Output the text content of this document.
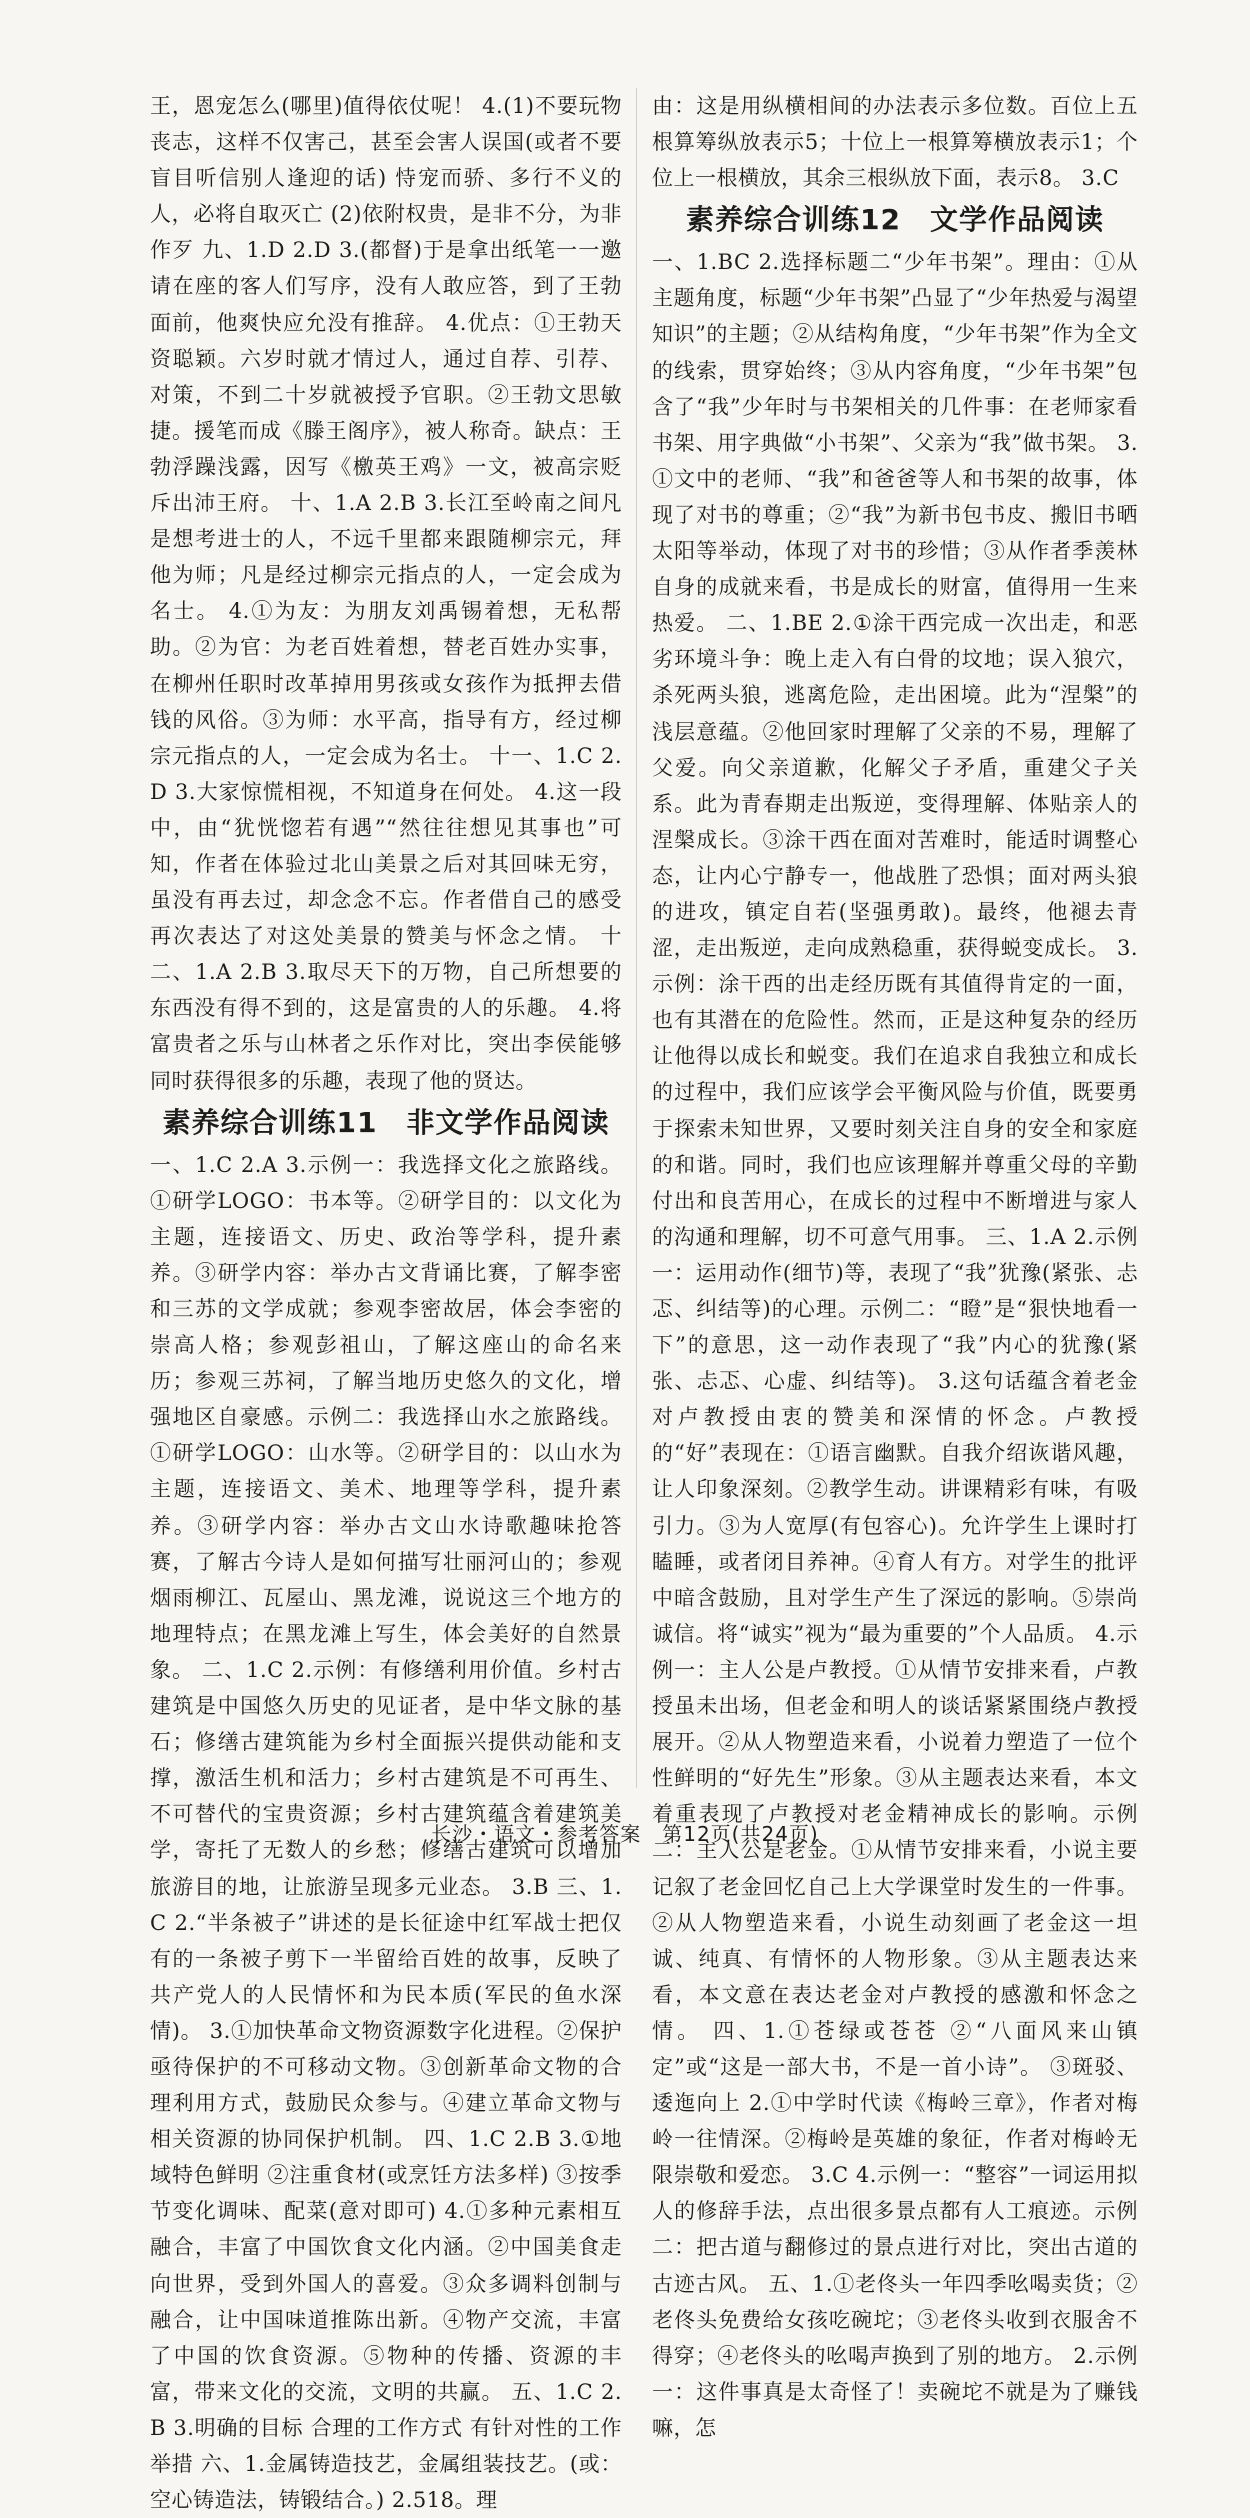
王，恩宠怎么(哪里)值得依仗呢！ 4.(1)不要玩物丧志，这样不仅害己，甚至会害人误国(或者不要盲目听信别人逢迎的话) 恃宠而骄、多行不义的人，必将自取灭亡 (2)依附权贵，是非不分，为非作歹 九、1.D 2.D 3.(都督)于是拿出纸笔一一邀请在座的客人们写序，没有人敢应答，到了王勃面前，他爽快应允没有推辞。 4.优点：①王勃天资聪颖。六岁时就才情过人，通过自荐、引荐、对策，不到二十岁就被授予官职。②王勃文思敏捷。援笔而成《滕王阁序》，被人称奇。缺点：王勃浮躁浅露，因写《檄英王鸡》一文，被高宗贬斥出沛王府。 十、1.A 2.B 3.长江至岭南之间凡是想考进士的人，不远千里都来跟随柳宗元，拜他为师；凡是经过柳宗元指点的人，一定会成为名士。 4.①为友：为朋友刘禹锡着想，无私帮助。②为官：为老百姓着想，替老百姓办实事，在柳州任职时改革掉用男孩或女孩作为抵押去借钱的风俗。③为师：水平高，指导有方，经过柳宗元指点的人，一定会成为名士。 十一、1.C 2.D 3.大家惊慌相视，不知道身在何处。 4.这一段中，由“犹恍惚若有遇”“然往往想见其事也”可知，作者在体验过北山美景之后对其回味无穷，虽没有再去过，却念念不忘。作者借自己的感受再次表达了对这处美景的赞美与怀念之情。 十二、1.A 2.B 3.取尽天下的万物，自己所想要的东西没有得不到的，这是富贵的人的乐趣。 4.将富贵者之乐与山林者之乐作对比，突出李侯能够同时获得很多的乐趣，表现了他的贤达。

素养综合训练11　非文学作品阅读

一、1.C 2.A 3.示例一：我选择文化之旅路线。①研学LOGO：书本等。②研学目的：以文化为主题，连接语文、历史、政治等学科，提升素养。③研学内容：举办古文背诵比赛，了解李密和三苏的文学成就；参观李密故居，体会李密的崇高人格；参观彭祖山，了解这座山的命名来历；参观三苏祠，了解当地历史悠久的文化，增强地区自豪感。示例二：我选择山水之旅路线。①研学LOGO：山水等。②研学目的：以山水为主题，连接语文、美术、地理等学科，提升素养。③研学内容：举办古文山水诗歌趣味抢答赛，了解古今诗人是如何描写壮丽河山的；参观烟雨柳江、瓦屋山、黑龙滩，说说这三个地方的地理特点；在黑龙滩上写生，体会美好的自然景象。 二、1.C 2.示例：有修缮利用价值。乡村古建筑是中国悠久历史的见证者，是中华文脉的基石；修缮古建筑能为乡村全面振兴提供动能和支撑，激活生机和活力；乡村古建筑是不可再生、不可替代的宝贵资源；乡村古建筑蕴含着建筑美学，寄托了无数人的乡愁；修缮古建筑可以增加旅游目的地，让旅游呈现多元业态。 3.B 三、1.C 2.“半条被子”讲述的是长征途中红军战士把仅有的一条被子剪下一半留给百姓的故事，反映了共产党人的人民情怀和为民本质(军民的鱼水深情)。 3.①加快革命文物资源数字化进程。②保护亟待保护的不可移动文物。③创新革命文物的合理利用方式，鼓励民众参与。④建立革命文物与相关资源的协同保护机制。 四、1.C 2.B 3.①地域特色鲜明 ②注重食材(或烹饪方法多样) ③按季节变化调味、配菜(意对即可) 4.①多种元素相互融合，丰富了中国饮食文化内涵。②中国美食走向世界，受到外国人的喜爱。③众多调料创制与融合，让中国味道推陈出新。④物产交流，丰富了中国的饮食资源。⑤物种的传播、资源的丰富，带来文化的交流，文明的共赢。 五、1.C 2.B 3.明确的目标 合理的工作方式 有针对性的工作举措 六、1.金属铸造技艺，金属组装技艺。(或：空心铸造法，铸锻结合。) 2.518。理

由：这是用纵横相间的办法表示多位数。百位上五根算筹纵放表示5；十位上一根算筹横放表示1；个位上一根横放，其余三根纵放下面，表示8。 3.C

素养综合训练12　文学作品阅读

一、1.BC 2.选择标题二“少年书架”。理由：①从主题角度，标题“少年书架”凸显了“少年热爱与渴望知识”的主题；②从结构角度，“少年书架”作为全文的线索，贯穿始终；③从内容角度，“少年书架”包含了“我”少年时与书架相关的几件事：在老师家看书架、用字典做“小书架”、父亲为“我”做书架。 3.①文中的老师、“我”和爸爸等人和书架的故事，体现了对书的尊重；②“我”为新书包书皮、搬旧书晒太阳等举动，体现了对书的珍惜；③从作者季羡林自身的成就来看，书是成长的财富，值得用一生来热爱。 二、1.BE 2.①涂干西完成一次出走，和恶劣环境斗争：晚上走入有白骨的坟地；误入狼穴，杀死两头狼，逃离危险，走出困境。此为“涅槃”的浅层意蕴。②他回家时理解了父亲的不易，理解了父爱。向父亲道歉，化解父子矛盾，重建父子关系。此为青春期走出叛逆，变得理解、体贴亲人的涅槃成长。③涂干西在面对苦难时，能适时调整心态，让内心宁静专一，他战胜了恐惧；面对两头狼的进攻，镇定自若(坚强勇敢)。最终，他褪去青涩，走出叛逆，走向成熟稳重，获得蜕变成长。 3.示例：涂干西的出走经历既有其值得肯定的一面，也有其潜在的危险性。然而，正是这种复杂的经历让他得以成长和蜕变。我们在追求自我独立和成长的过程中，我们应该学会平衡风险与价值，既要勇于探索未知世界，又要时刻关注自身的安全和家庭的和谐。同时，我们也应该理解并尊重父母的辛勤付出和良苦用心，在成长的过程中不断增进与家人的沟通和理解，切不可意气用事。 三、1.A 2.示例一：运用动作(细节)等，表现了“我”犹豫(紧张、忐忑、纠结等)的心理。示例二：“瞪”是“狠快地看一下”的意思，这一动作表现了“我”内心的犹豫(紧张、忐忑、心虚、纠结等)。 3.这句话蕴含着老金对卢教授由衷的赞美和深情的怀念。卢教授的“好”表现在：①语言幽默。自我介绍诙谐风趣，让人印象深刻。②教学生动。讲课精彩有味，有吸引力。③为人宽厚(有包容心)。允许学生上课时打瞌睡，或者闭目养神。④育人有方。对学生的批评中暗含鼓励，且对学生产生了深远的影响。⑤崇尚诚信。将“诚实”视为“最为重要的”个人品质。 4.示例一：主人公是卢教授。①从情节安排来看，卢教授虽未出场，但老金和明人的谈话紧紧围绕卢教授展开。②从人物塑造来看，小说着力塑造了一位个性鲜明的“好先生”形象。③从主题表达来看，本文着重表现了卢教授对老金精神成长的影响。示例二：主人公是老金。①从情节安排来看，小说主要记叙了老金回忆自己上大学课堂时发生的一件事。②从人物塑造来看，小说生动刻画了老金这一坦诚、纯真、有情怀的人物形象。③从主题表达来看，本文意在表达老金对卢教授的感激和怀念之情。 四、1.①苍绿或苍苍 ②“八面风来山镇定”或“这是一部大书，不是一首小诗”。 ③斑驳、逶迤向上 2.①中学时代读《梅岭三章》，作者对梅岭一往情深。②梅岭是英雄的象征，作者对梅岭无限崇敬和爱恋。 3.C 4.示例一：“整容”一词运用拟人的修辞手法，点出很多景点都有人工痕迹。示例二：把古道与翻修过的景点进行对比，突出古道的古迹古风。 五、1.①老佟头一年四季吆喝卖货；②老佟头免费给女孩吃碗坨；③老佟头收到衣服舍不得穿；④老佟头的吆喝声换到了别的地方。 2.示例一：这件事真是太奇怪了！卖碗坨不就是为了赚钱嘛，怎

长沙・语文・参考答案　第12页(共24页)
